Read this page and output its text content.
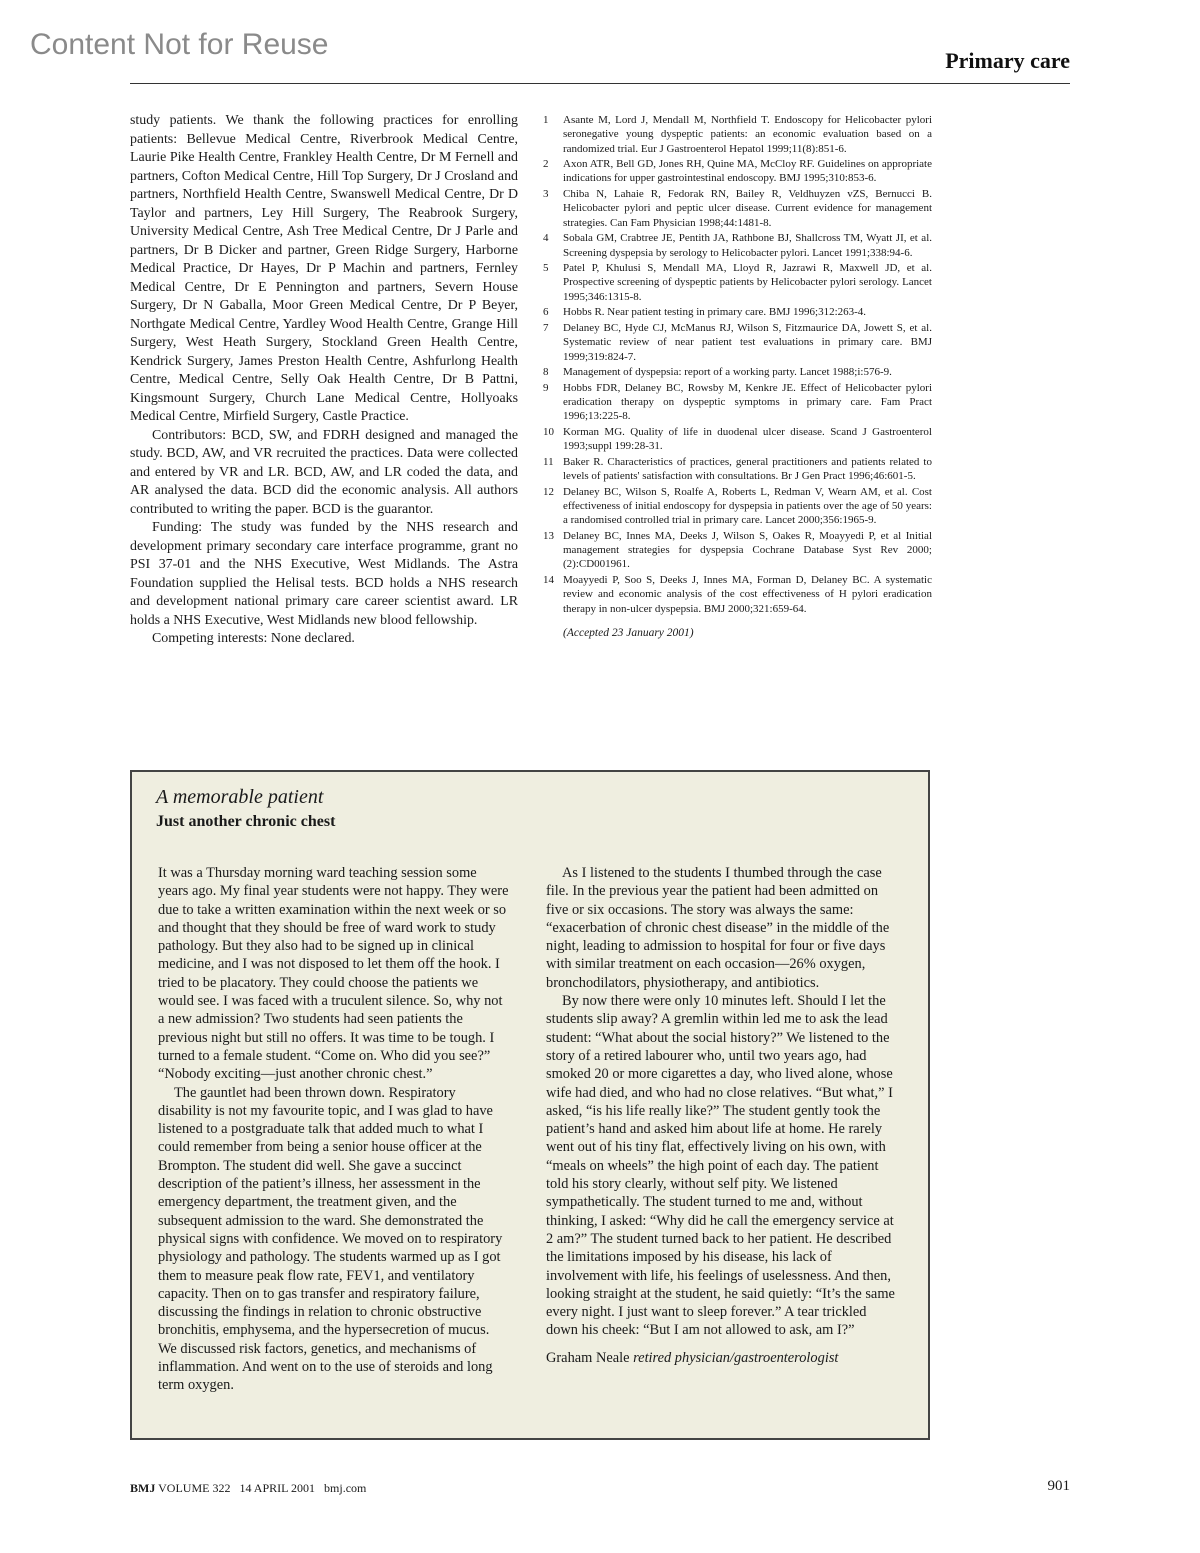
Content Not for Reuse	Primary care

study patients. We thank the following practices for enrolling patients: Bellevue Medical Centre, Riverbrook Medical Centre, Laurie Pike Health Centre, Frankley Health Centre, Dr M Fernell and partners, Cofton Medical Centre, Hill Top Surgery, Dr J Crosland and partners, Northfield Health Centre, Swanswell Medical Centre, Dr D Taylor and partners, Ley Hill Surgery, The Reabrook Surgery, University Medical Centre, Ash Tree Medical Centre, Dr J Parle and partners, Dr B Dicker and partner, Green Ridge Surgery, Harborne Medical Practice, Dr Hayes, Dr P Machin and partners, Fernley Medical Centre, Dr E Pennington and partners, Severn House Surgery, Dr N Gaballa, Moor Green Medical Centre, Dr P Beyer, Northgate Medical Centre, Yardley Wood Health Centre, Grange Hill Surgery, West Heath Surgery, Stockland Green Health Centre, Kendrick Surgery, James Preston Health Centre, Ashfurlong Health Centre, Medical Centre, Selly Oak Health Centre, Dr B Pattni, Kingsmount Surgery, Church Lane Medical Centre, Hollyoaks Medical Centre, Mirfield Surgery, Castle Practice.

Contributors: BCD, SW, and FDRH designed and managed the study. BCD, AW, and VR recruited the practices. Data were collected and entered by VR and LR. BCD, AW, and LR coded the data, and AR analysed the data. BCD did the economic analysis. All authors contributed to writing the paper. BCD is the guarantor.

Funding: The study was funded by the NHS research and development primary secondary care interface programme, grant no PSI 37-01 and the NHS Executive, West Midlands. The Astra Foundation supplied the Helisal tests. BCD holds a NHS research and development national primary care career scientist award. LR holds a NHS Executive, West Midlands new blood fellowship.

Competing interests: None declared.

1	Asante M, Lord J, Mendall M, Northfield T. Endoscopy for Helicobacter pylori seronegative young dyspeptic patients: an economic evaluation based on a randomized trial. Eur J Gastroenterol Hepatol 1999;11(8):851-6.
2	Axon ATR, Bell GD, Jones RH, Quine MA, McCloy RF. Guidelines on appropriate indications for upper gastrointestinal endoscopy. BMJ 1995;310:853-6.
3	Chiba N, Lahaie R, Fedorak RN, Bailey R, Veldhuyzen vZS, Bernucci B. Helicobacter pylori and peptic ulcer disease. Current evidence for management strategies. Can Fam Physician 1998;44:1481-8.
4	Sobala GM, Crabtree JE, Pentith JA, Rathbone BJ, Shallcross TM, Wyatt JI, et al. Screening dyspepsia by serology to Helicobacter pylori. Lancet 1991;338:94-6.
5	Patel P, Khulusi S, Mendall MA, Lloyd R, Jazrawi R, Maxwell JD, et al. Prospective screening of dyspeptic patients by Helicobacter pylori serology. Lancet 1995;346:1315-8.
6	Hobbs R. Near patient testing in primary care. BMJ 1996;312:263-4.
7	Delaney BC, Hyde CJ, McManus RJ, Wilson S, Fitzmaurice DA, Jowett S, et al. Systematic review of near patient test evaluations in primary care. BMJ 1999;319:824-7.
8	Management of dyspepsia: report of a working party. Lancet 1988;i:576-9.
9	Hobbs FDR, Delaney BC, Rowsby M, Kenkre JE. Effect of Helicobacter pylori eradication therapy on dyspeptic symptoms in primary care. Fam Pract 1996;13:225-8.
10 Korman MG. Quality of life in duodenal ulcer disease. Scand J Gastroenterol 1993;suppl 199:28-31.
11 Baker R. Characteristics of practices, general practitioners and patients related to levels of patients' satisfaction with consultations. Br J Gen Pract 1996;46:601-5.
12 Delaney BC, Wilson S, Roalfe A, Roberts L, Redman V, Wearn AM, et al. Cost effectiveness of initial endoscopy for dyspepsia in patients over the age of 50 years: a randomised controlled trial in primary care. Lancet 2000;356:1965-9.
13 Delaney BC, Innes MA, Deeks J, Wilson S, Oakes R, Moayyedi P, et al Initial management strategies for dyspepsia Cochrane Database Syst Rev 2000;(2):CD001961.
14 Moayyedi P, Soo S, Deeks J, Innes MA, Forman D, Delaney BC. A systematic review and economic analysis of the cost effectiveness of H pylori eradication therapy in non-ulcer dyspepsia. BMJ 2000;321:659-64.
(Accepted 23 January 2001)
A memorable patient
Just another chronic chest

It was a Thursday morning ward teaching session some years ago. My final year students were not happy. They were due to take a written examination within the next week or so and thought that they should be free of ward work to study pathology. But they also had to be signed up in clinical medicine, and I was not disposed to let them off the hook. I tried to be placatory. They could choose the patients we would see. I was faced with a truculent silence. So, why not a new admission? Two students had seen patients the previous night but still no offers. It was time to be tough. I turned to a female student. “Come on. Who did you see?” “Nobody exciting—just another chronic chest.”

The gauntlet had been thrown down. Respiratory disability is not my favourite topic, and I was glad to have listened to a postgraduate talk that added much to what I could remember from being a senior house officer at the Brompton. The student did well. She gave a succinct description of the patient’s illness, her assessment in the emergency department, the treatment given, and the subsequent admission to the ward. She demonstrated the physical signs with confidence. We moved on to respiratory physiology and pathology. The students warmed up as I got them to measure peak flow rate, FEV1, and ventilatory capacity. Then on to gas transfer and respiratory failure, discussing the findings in relation to chronic obstructive bronchitis, emphysema, and the hypersecretion of mucus. We discussed risk factors, genetics, and mechanisms of inflammation. And went on to the use of steroids and long term oxygen.

As I listened to the students I thumbed through the case file. In the previous year the patient had been admitted on five or six occasions. The story was always the same: “exacerbation of chronic chest disease” in the middle of the night, leading to admission to hospital for four or five days with similar treatment on each occasion—26% oxygen, bronchodilators, physiotherapy, and antibiotics.

By now there were only 10 minutes left. Should I let the students slip away? A gremlin within led me to ask the lead student: “What about the social history?” We listened to the story of a retired labourer who, until two years ago, had smoked 20 or more cigarettes a day, who lived alone, whose wife had died, and who had no close relatives. “But what,” I asked, “is his life really like?” The student gently took the patient’s hand and asked him about life at home. He rarely went out of his tiny flat, effectively living on his own, with “meals on wheels” the high point of each day. The patient told his story clearly, without self pity. We listened sympathetically. The student turned to me and, without thinking, I asked: “Why did he call the emergency service at 2 am?” The student turned back to her patient. He described the limitations imposed by his disease, his lack of involvement with life, his feelings of uselessness. And then, looking straight at the student, he said quietly: “It’s the same every night. I just want to sleep forever.” A tear trickled down his cheek: “But I am not allowed to ask, am I?”

Graham Neale retired physician/gastroenterologist

BMJ VOLUME 322   14 APRIL 2001   bmj.com	901
